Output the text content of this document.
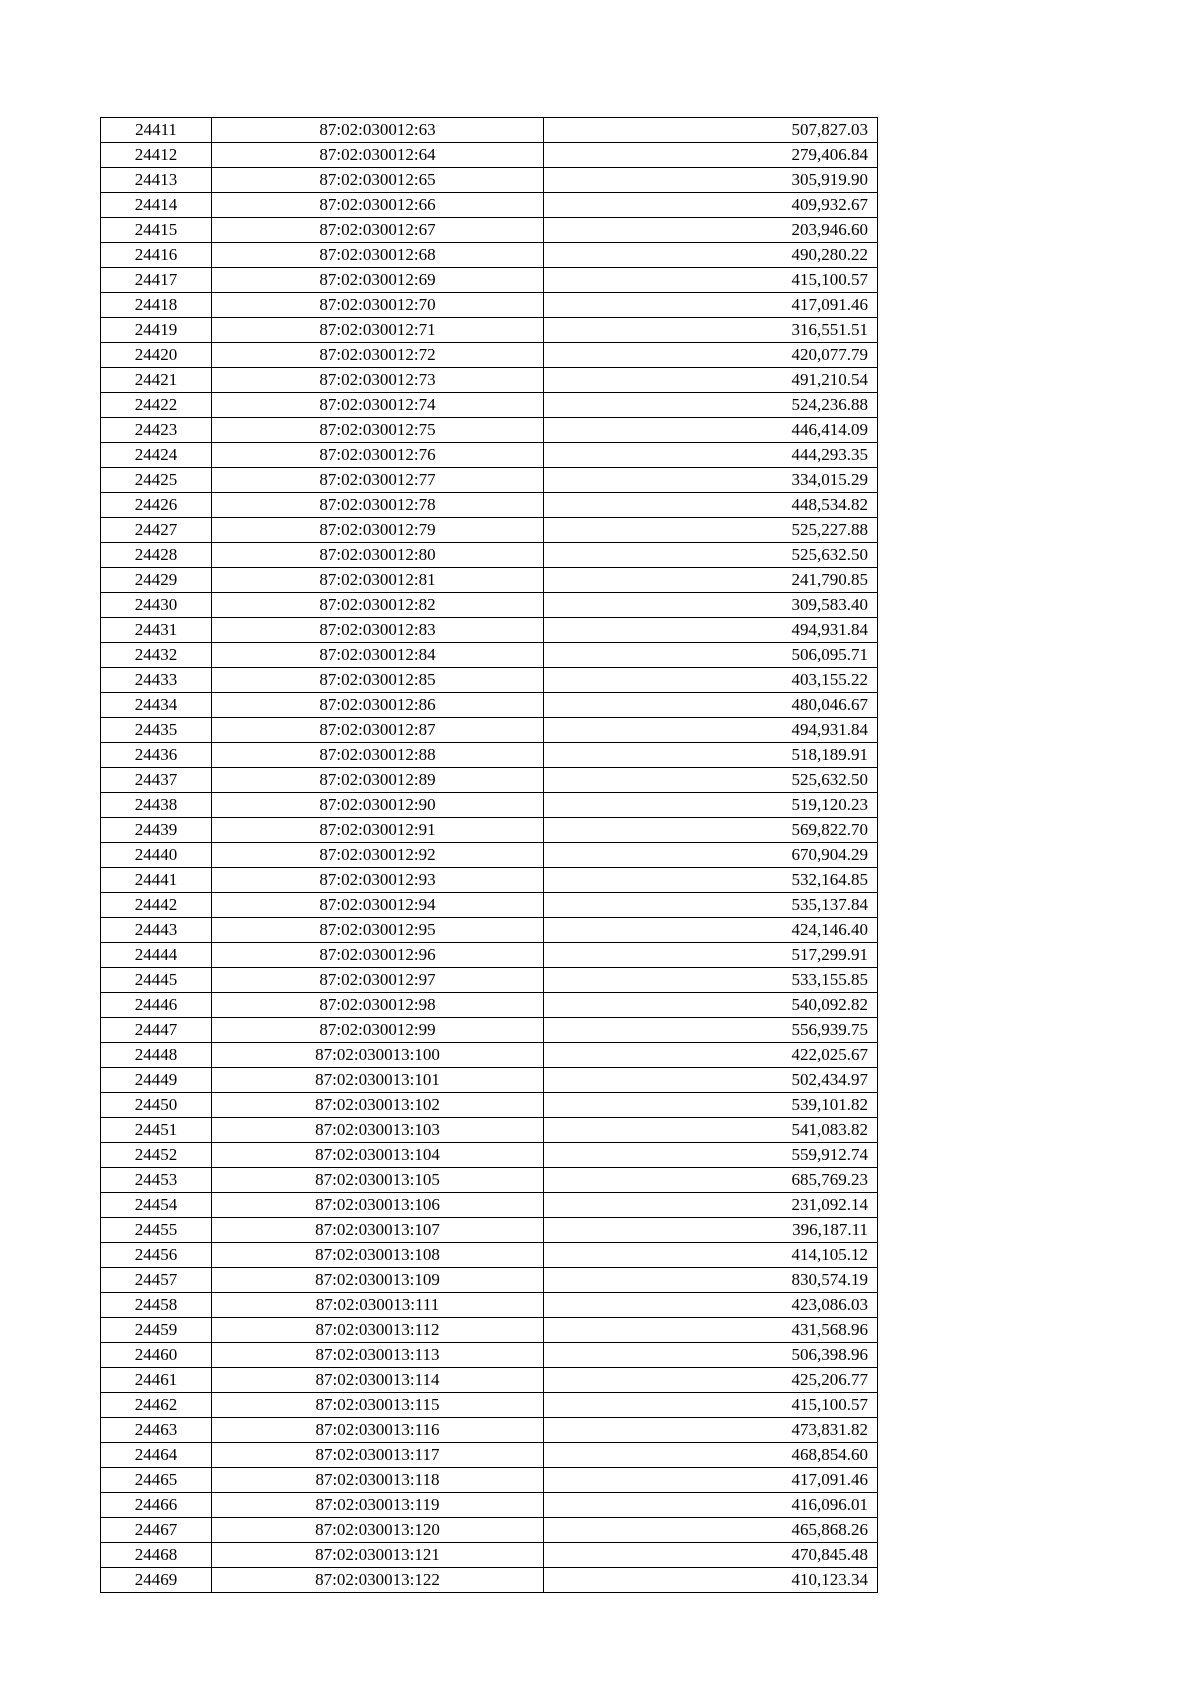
24411	87:02:030012:63	507,827.03
24412	87:02:030012:64	279,406.84
24413	87:02:030012:65	305,919.90
24414	87:02:030012:66	409,932.67
24415	87:02:030012:67	203,946.60
24416	87:02:030012:68	490,280.22
24417	87:02:030012:69	415,100.57
24418	87:02:030012:70	417,091.46
24419	87:02:030012:71	316,551.51
24420	87:02:030012:72	420,077.79
24421	87:02:030012:73	491,210.54
24422	87:02:030012:74	524,236.88
24423	87:02:030012:75	446,414.09
24424	87:02:030012:76	444,293.35
24425	87:02:030012:77	334,015.29
24426	87:02:030012:78	448,534.82
24427	87:02:030012:79	525,227.88
24428	87:02:030012:80	525,632.50
24429	87:02:030012:81	241,790.85
24430	87:02:030012:82	309,583.40
24431	87:02:030012:83	494,931.84
24432	87:02:030012:84	506,095.71
24433	87:02:030012:85	403,155.22
24434	87:02:030012:86	480,046.67
24435	87:02:030012:87	494,931.84
24436	87:02:030012:88	518,189.91
24437	87:02:030012:89	525,632.50
24438	87:02:030012:90	519,120.23
24439	87:02:030012:91	569,822.70
24440	87:02:030012:92	670,904.29
24441	87:02:030012:93	532,164.85
24442	87:02:030012:94	535,137.84
24443	87:02:030012:95	424,146.40
24444	87:02:030012:96	517,299.91
24445	87:02:030012:97	533,155.85
24446	87:02:030012:98	540,092.82
24447	87:02:030012:99	556,939.75
24448	87:02:030013:100	422,025.67
24449	87:02:030013:101	502,434.97
24450	87:02:030013:102	539,101.82
24451	87:02:030013:103	541,083.82
24452	87:02:030013:104	559,912.74
24453	87:02:030013:105	685,769.23
24454	87:02:030013:106	231,092.14
24455	87:02:030013:107	396,187.11
24456	87:02:030013:108	414,105.12
24457	87:02:030013:109	830,574.19
24458	87:02:030013:111	423,086.03
24459	87:02:030013:112	431,568.96
24460	87:02:030013:113	506,398.96
24461	87:02:030013:114	425,206.77
24462	87:02:030013:115	415,100.57
24463	87:02:030013:116	473,831.82
24464	87:02:030013:117	468,854.60
24465	87:02:030013:118	417,091.46
24466	87:02:030013:119	416,096.01
24467	87:02:030013:120	465,868.26
24468	87:02:030013:121	470,845.48
24469	87:02:030013:122	410,123.34
